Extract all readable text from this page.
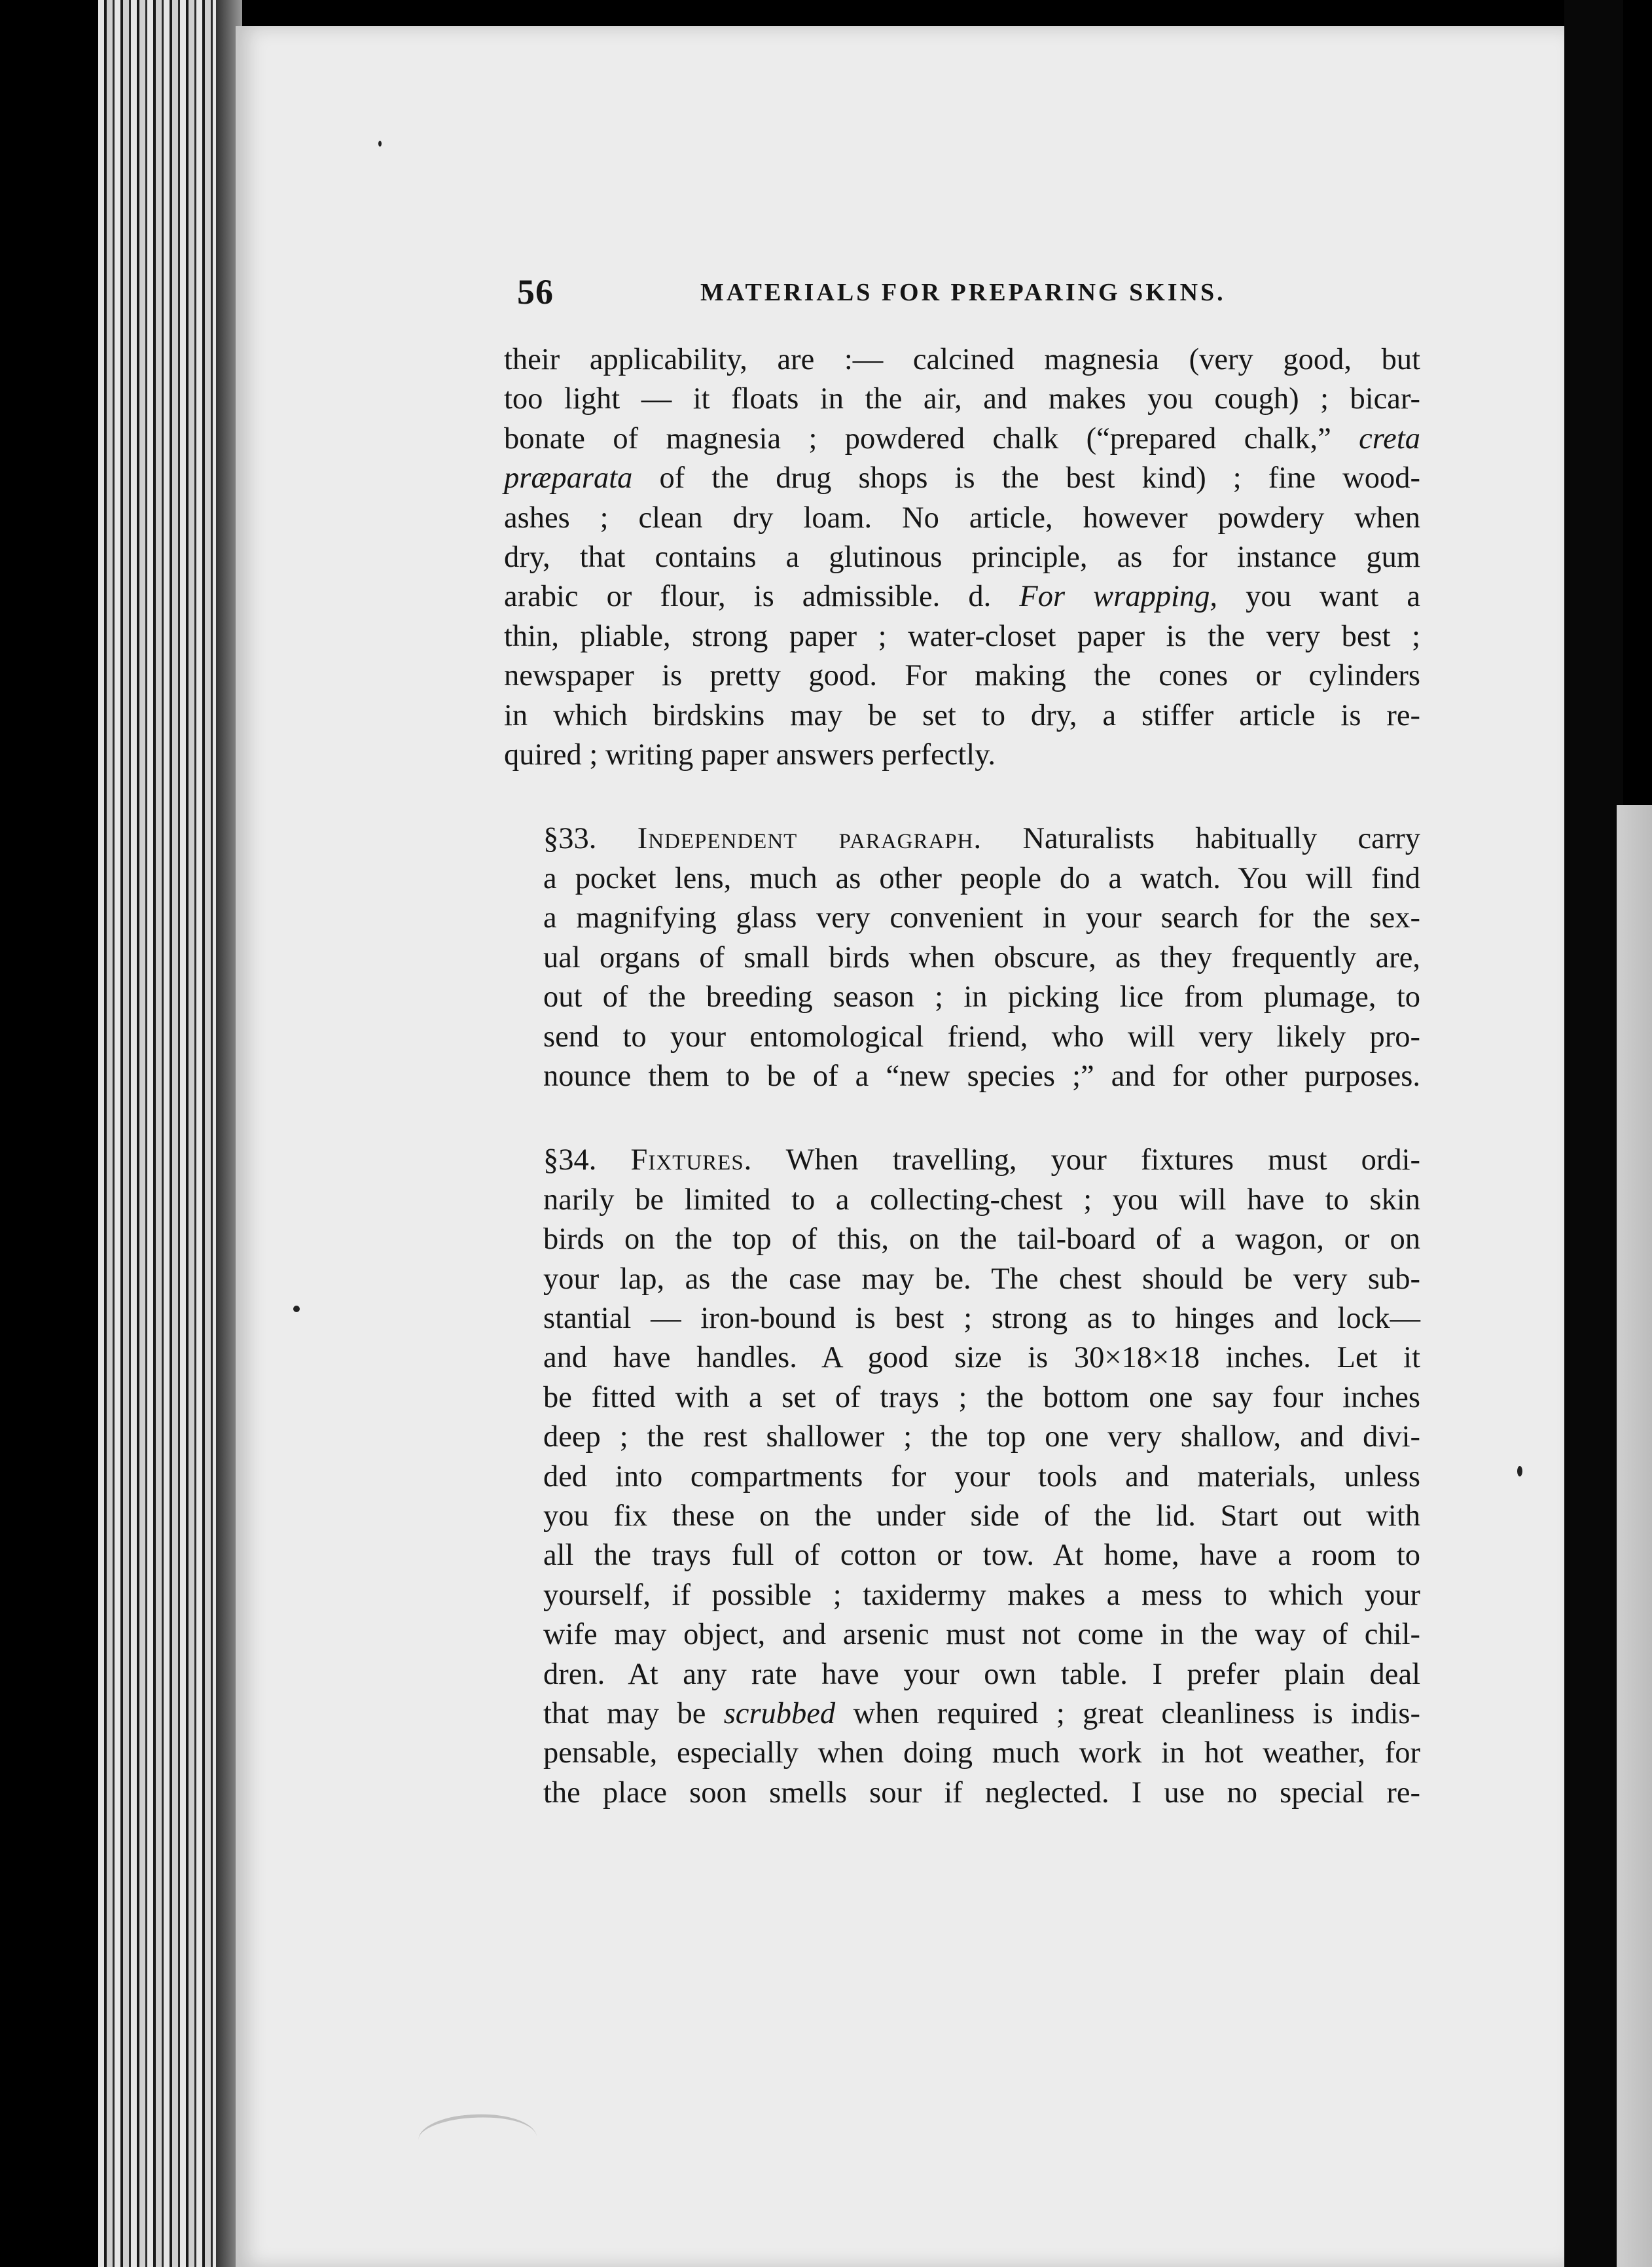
56	MATERIALS FOR PREPARING SKINS.

their applicability, are :— calcined magnesia (very good, but
too light — it floats in the air, and makes you cough) ; bicar-
bonate of magnesia ; powdered chalk (“prepared chalk,” creta
præparata of the drug shops is the best kind) ; fine wood-
ashes ; clean dry loam. No article, however powdery when
dry, that contains a glutinous principle, as for instance gum
arabic or flour, is admissible. d. For wrapping, you want a
thin, pliable, strong paper ; water-closet paper is the very best ;
newspaper is pretty good. For making the cones or cylinders
in which birdskins may be set to dry, a stiffer article is re-
quired ; writing paper answers perfectly.

§33. Independent paragraph. Naturalists habitually carry
a pocket lens, much as other people do a watch. You will find
a magnifying glass very convenient in your search for the sex-
ual organs of small birds when obscure, as they frequently are,
out of the breeding season ; in picking lice from plumage, to
send to your entomological friend, who will very likely pro-
nounce them to be of a “new species ;” and for other purposes.

§34. Fixtures. When travelling, your fixtures must ordi-
narily be limited to a collecting-chest ; you will have to skin
birds on the top of this, on the tail-board of a wagon, or on
your lap, as the case may be. The chest should be very sub-
stantial — iron-bound is best ; strong as to hinges and lock—
and have handles. A good size is 30×18×18 inches. Let it
be fitted with a set of trays ; the bottom one say four inches
deep ; the rest shallower ; the top one very shallow, and divi-
ded into compartments for your tools and materials, unless
you fix these on the under side of the lid. Start out with
all the trays full of cotton or tow. At home, have a room to
yourself, if possible ; taxidermy makes a mess to which your
wife may object, and arsenic must not come in the way of chil-
dren. At any rate have your own table. I prefer plain deal
that may be scrubbed when required ; great cleanliness is indis-
pensable, especially when doing much work in hot weather, for
the place soon smells sour if neglected. I use no special re-
